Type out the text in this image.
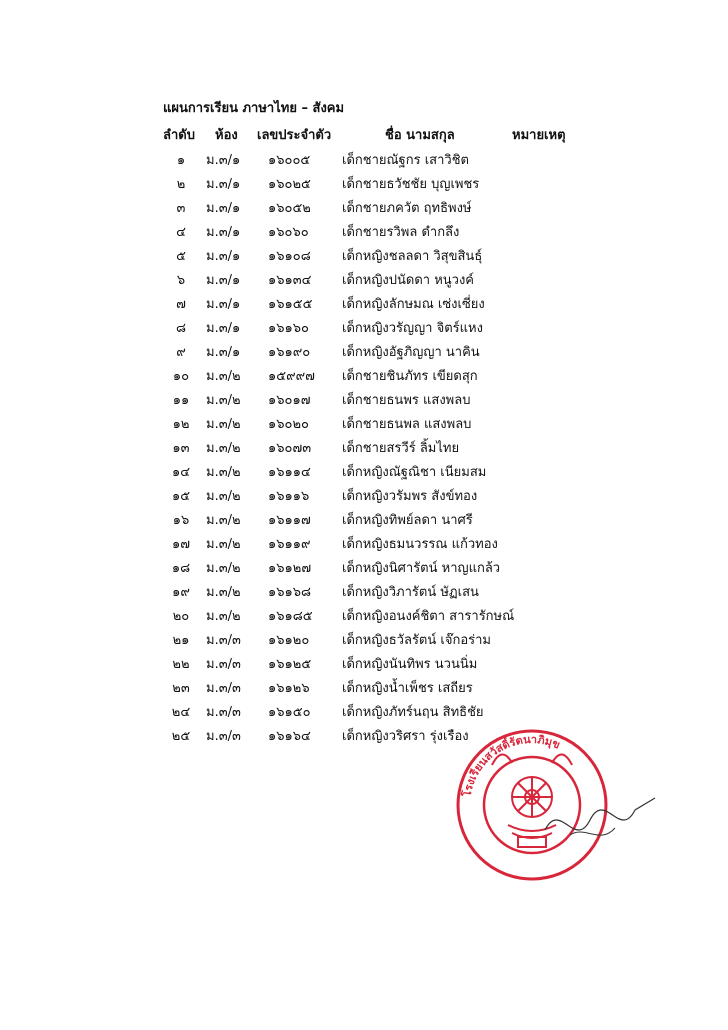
แผนการเรียน ภาษาไทย – สังคม
ลำดับ ห้อง เลขประจำตัว	ชื่อ นามสกุล	หมายเหตุ
๑	ม.๓/๑ ๑๖๐๐๕ เด็กชายณัฐกร เสาวิชิต
๒	ม.๓/๑ ๑๖๐๒๕ เด็กชายธวัชชัย บุญเพชร
๓	ม.๓/๑ ๑๖๐๕๒ เด็กชายภควัต ฤทธิพงษ์
๔	ม.๓/๑ ๑๖๐๖๐	เด็กชายรวิพล ดำกลึง
๕	ม.๓/๑ ๑๖๑๐๘ เด็กหญิงชลลดา วิสุขสินธุ์
๖	ม.๓/๑ ๑๖๑๓๔ เด็กหญิงปนัดดา หนูวงค์
๗	ม.๓/๑ ๑๖๑๕๕ เด็กหญิงลักษมณ เซ่งเซี่ยง
๘	ม.๓/๑ ๑๖๑๖๐	เด็กหญิงวรัญญา จิตร์แหง
๙	ม.๓/๑ ๑๖๑๙๐ เด็กหญิงอัฐภิญญา นาคิน
๑๐	ม.๓/๒ ๑๕๙๙๗ เด็กชายชินภัทร เขียดสุก
๑๑	ม.๓/๒ ๑๖๐๑๗ เด็กชายธนพร แสงพลบ
๑๒	ม.๓/๒ ๑๖๐๒๐	เด็กชายธนพล แสงพลบ
๑๓	ม.๓/๒ ๑๖๐๗๓ เด็กชายสรวีร์ ลิ้มไทย
๑๔	ม.๓/๒ ๑๖๑๑๔ เด็กหญิงณัฐณิชา เนียมสม
๑๕	ม.๓/๒ ๑๖๑๑๖	เด็กหญิงวรัมพร สังข์ทอง
๑๖	ม.๓/๒ ๑๖๑๑๗ เด็กหญิงทิพย์ลดา นาศรี
๑๗	ม.๓/๒ ๑๖๑๑๙ เด็กหญิงธมนวรรณ แก้วทอง
๑๘	ม.๓/๒ ๑๖๑๒๗ เด็กหญิงนิศารัตน์ หาญแกล้ว
๑๙	ม.๓/๒ ๑๖๑๖๘ เด็กหญิงวิภารัตน์ ษัฏเสน
๒๐	ม.๓/๒ ๑๖๑๘๕ เด็กหญิงอนงค์ชิตา สารารักษณ์
๒๑	ม.๓/๓ ๑๖๑๒๐	เด็กหญิงธวัลรัตน์ เจ๊กอร่าม
๒๒	ม.๓/๓ ๑๖๑๒๕ เด็กหญิงนันทิพร นวนนิ่ม
๒๓	ม.๓/๓ ๑๖๑๒๖ เด็กหญิงน้ำเพ็ชร เสถียร
๒๔	ม.๓/๓ ๑๖๑๕๐ เด็กหญิงภัทร์นฤน สิทธิชัย
๒๕	ม.๓/๓ ๑๖๑๖๔ เด็กหญิงวริศรา รุ่งเรือง
โรงเรียนสวัสดิ์รัตนาภิมุข
